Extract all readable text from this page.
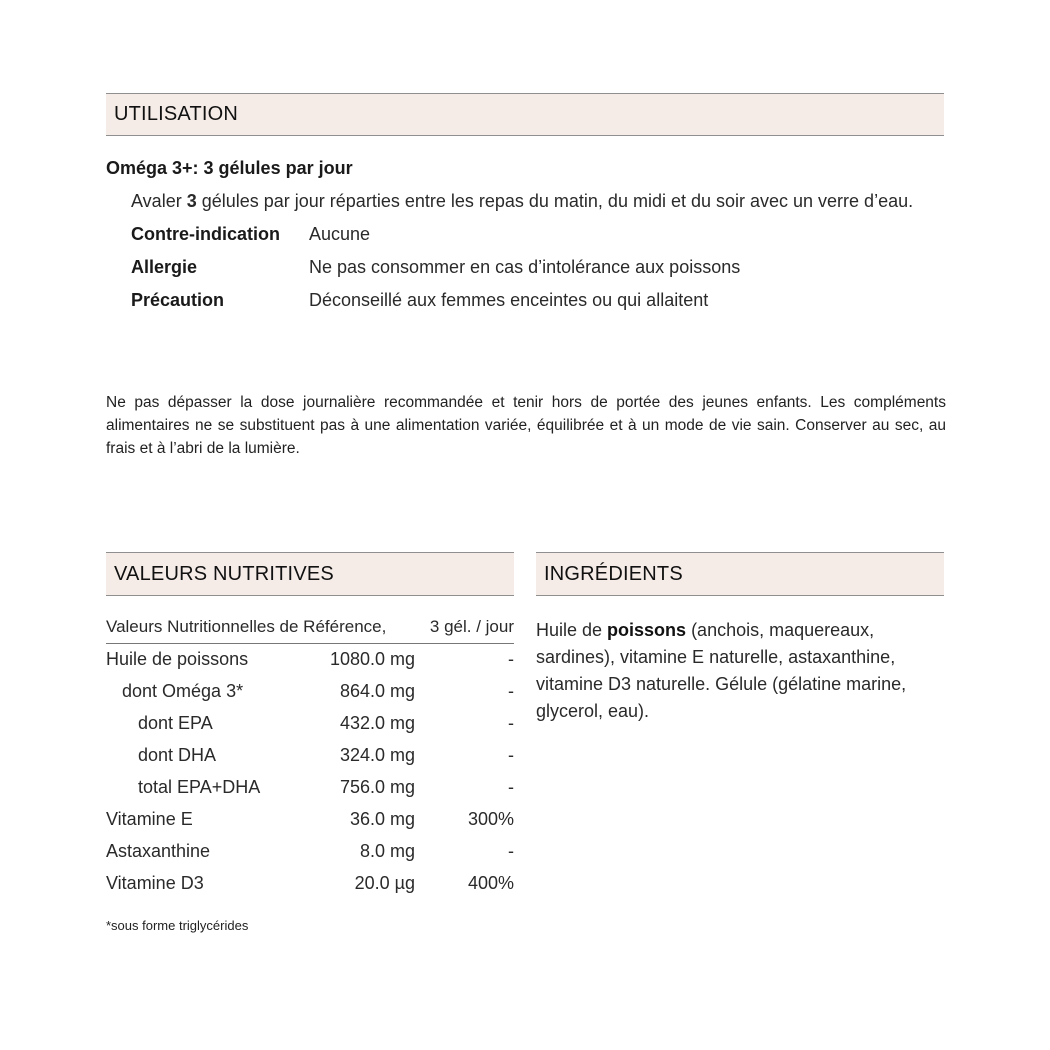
UTILISATION
Oméga 3+: 3 gélules par jour
Avaler 3 gélules par jour réparties entre les repas du matin, du midi et du soir avec un verre d’eau.
Contre-indication	Aucune
Allergie	Ne pas consommer en cas d’intolérance aux poissons
Précaution	Déconseillé aux femmes enceintes ou qui allaitent
Ne pas dépasser la dose journalière recommandée et tenir hors de portée des jeunes enfants. Les compléments alimentaires ne se substituent pas à une alimentation variée, équilibrée et à un mode de vie sain. Conserver au sec, au frais et à l’abri de la lumière.
VALEURS NUTRITIVES	INGRÉDIENTS
Valeurs Nutritionnelles de Référence,	3 gél. / jour
Huile de poissons	1080.0 mg	-
dont Oméga 3*	864.0 mg	-
dont EPA	432.0 mg	-
dont DHA	324.0 mg	-
total EPA+DHA	756.0 mg	-
Vitamine E	36.0 mg	300%
Astaxanthine	8.0 mg	-
Vitamine D3	20.0 µg	400%
*sous forme triglycérides
Huile de poissons (anchois, maquereaux, sardines), vitamine E naturelle, astaxanthine, vitamine D3 naturelle. Gélule (gélatine marine, glycerol, eau).
